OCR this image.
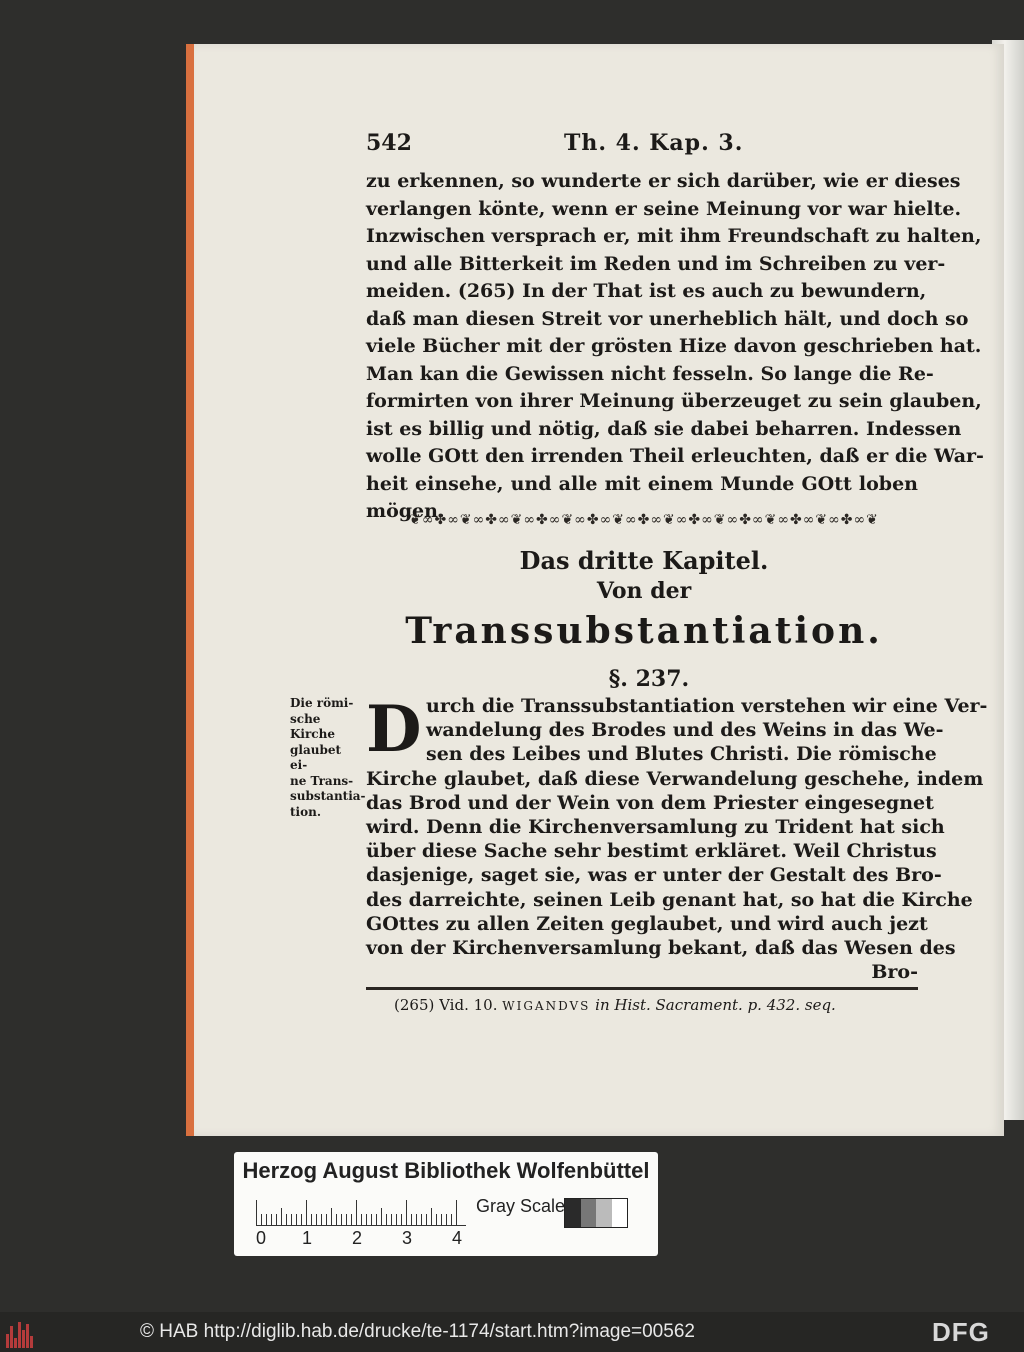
542	Th. 4. Kap. 3.
zu erkennen, so wunderte er sich darüber, wie er dieses
verlangen könte, wenn er seine Meinung vor war hielte.
Inzwischen versprach er, mit ihm Freundschaft zu halten,
und alle Bitterkeit im Reden und im Schreiben zu ver-
meiden. (265) In der That ist es auch zu bewundern,
daß man diesen Streit vor unerheblich hält, und doch so
viele Bücher mit der grösten Hize davon geschrieben hat.
Man kan die Gewissen nicht fesseln. So lange die Re-
formirten von ihrer Meinung überzeuget zu sein glauben,
ist es billig und nötig, daß sie dabei beharren. Indessen
wolle GOtt den irrenden Theil erleuchten, daß er die War-
heit einsehe, und alle mit einem Munde GOtt loben
mögen.
❦∞✤∞❦∞✤∞❦∞✤∞❦∞✤∞❦∞✤∞❦∞✤∞❦∞✤∞❦∞✤∞❦∞✤∞❦
Das dritte Kapitel.
Von der
Transsubstantiation.
§. 237.
Die römi-
sche Kirche
glaubet ei-
ne Trans-
substantia-
tion.
D urch die Transsubstantiation verstehen wir eine Ver-
wandelung des Brodes und des Weins in das We-
sen des Leibes und Blutes Christi. Die römische
Kirche glaubet, daß diese Verwandelung geschehe, indem
das Brod und der Wein von dem Priester eingesegnet
wird. Denn die Kirchenversamlung zu Trident hat sich
über diese Sache sehr bestimt erkläret. Weil Christus
dasjenige, saget sie, was er unter der Gestalt des Bro-
des darreichte, seinen Leib genant hat, so hat die Kirche
GOttes zu allen Zeiten geglaubet, und wird auch jezt
von der Kirchenversamlung bekant, daß das Wesen des
Bro-
(265) Vid. 10. WIGANDVS in Hist. Sacrament. p. 432. seq.
Herzog August Bibliothek Wolfenbüttel
0 1 2 3 4
Gray Scale
© HAB http://diglib.hab.de/drucke/te-1174/start.htm?image=00562	DFG
